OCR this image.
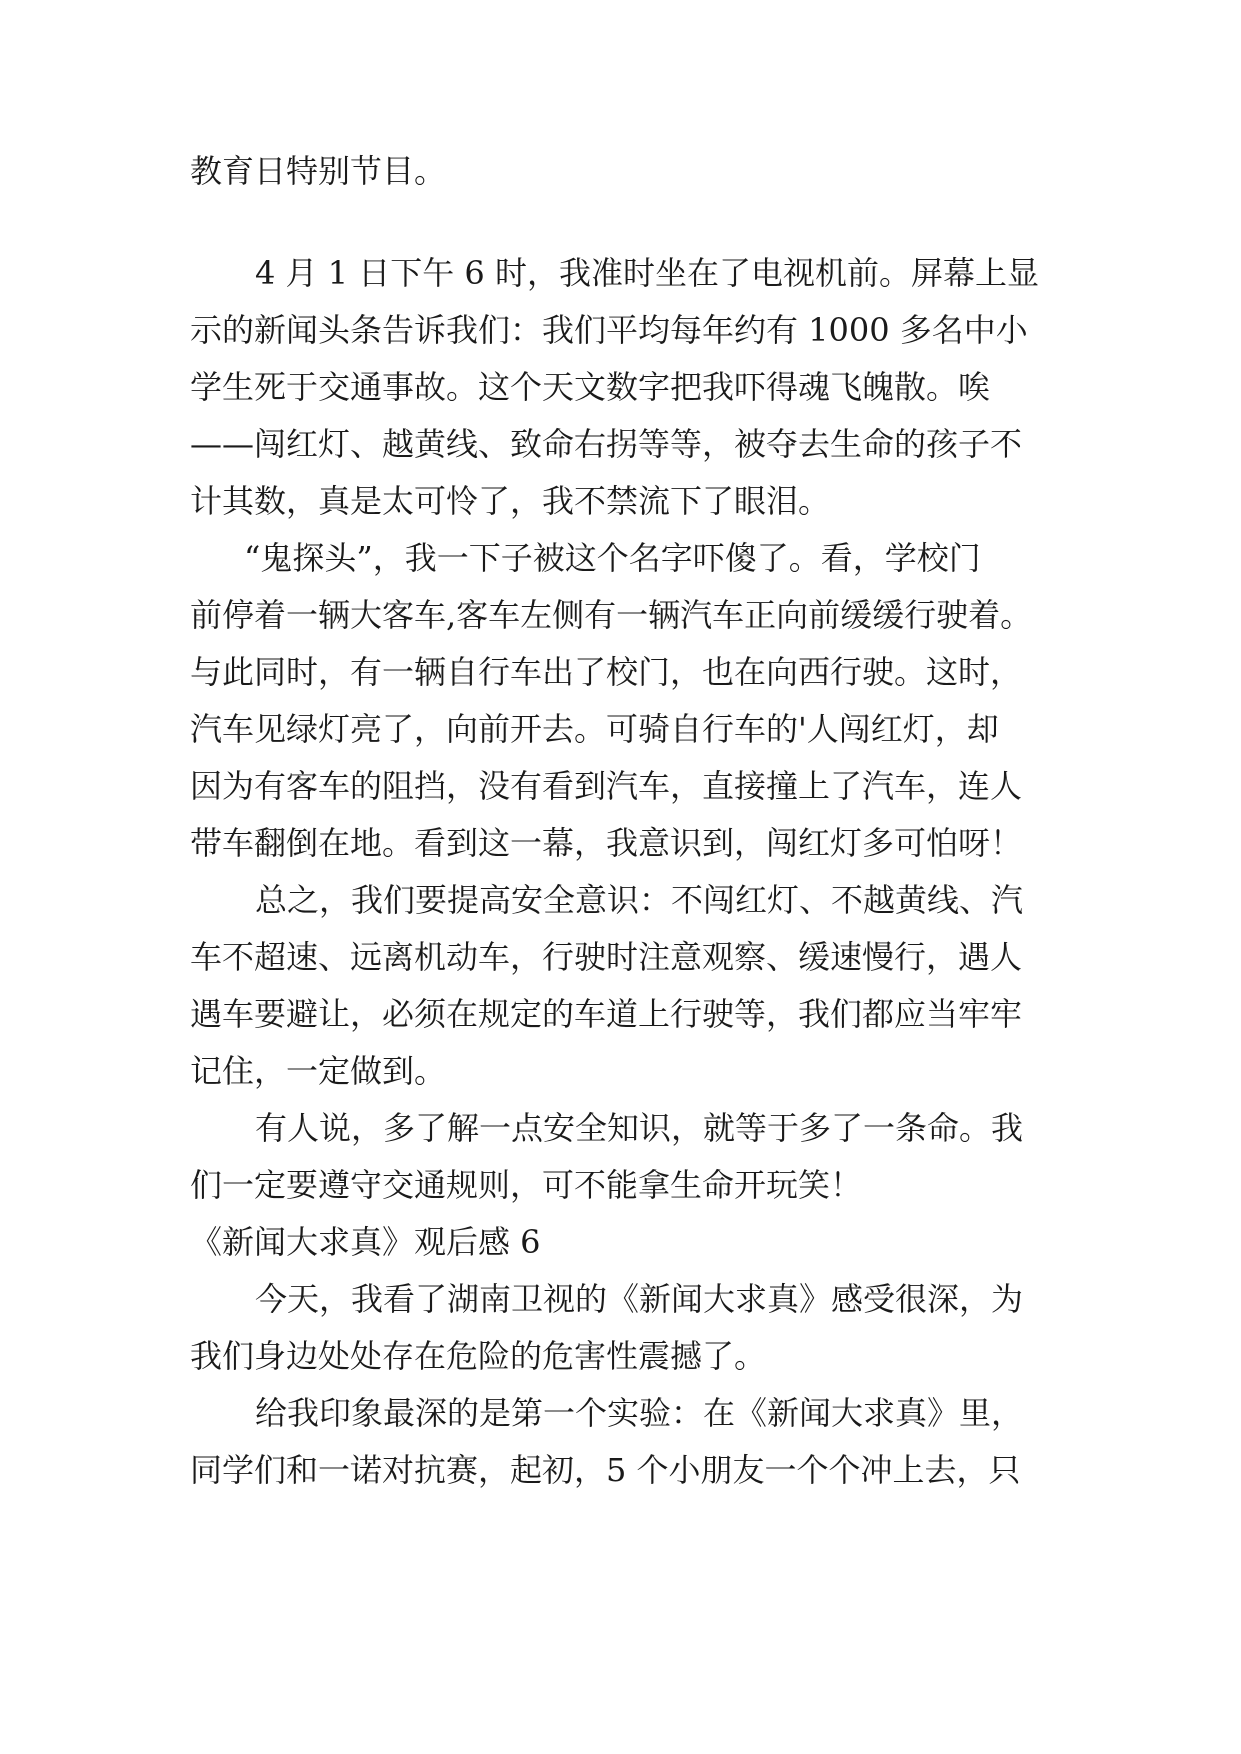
教育日特别节目。

4 月 1 日下午 6 时，我准时坐在了电视机前。屏幕上显

示的新闻头条告诉我们：我们平均每年约有 1000 多名中小

学生死于交通事故。这个天文数字把我吓得魂飞魄散。唉

——闯红灯、越黄线、致命右拐等等，被夺去生命的孩子不

计其数，真是太可怜了，我不禁流下了眼泪。

“鬼探头”，我一下子被这个名字吓傻了。看，学校门

前停着一辆大客车,客车左侧有一辆汽车正向前缓缓行驶着。

与此同时，有一辆自行车出了校门，也在向西行驶。这时，

汽车见绿灯亮了，向前开去。可骑自行车的'人闯红灯，却

因为有客车的阻挡，没有看到汽车，直接撞上了汽车，连人

带车翻倒在地。看到这一幕，我意识到，闯红灯多可怕呀！

总之，我们要提高安全意识：不闯红灯、不越黄线、汽

车不超速、远离机动车，行驶时注意观察、缓速慢行，遇人

遇车要避让，必须在规定的车道上行驶等，我们都应当牢牢

记住，一定做到。

有人说，多了解一点安全知识，就等于多了一条命。我

们一定要遵守交通规则，可不能拿生命开玩笑！

《新闻大求真》观后感 6

今天，我看了湖南卫视的《新闻大求真》感受很深，为

我们身边处处存在危险的危害性震撼了。

给我印象最深的是第一个实验：在《新闻大求真》里，

同学们和一诺对抗赛，起初，5 个小朋友一个个冲上去，只
